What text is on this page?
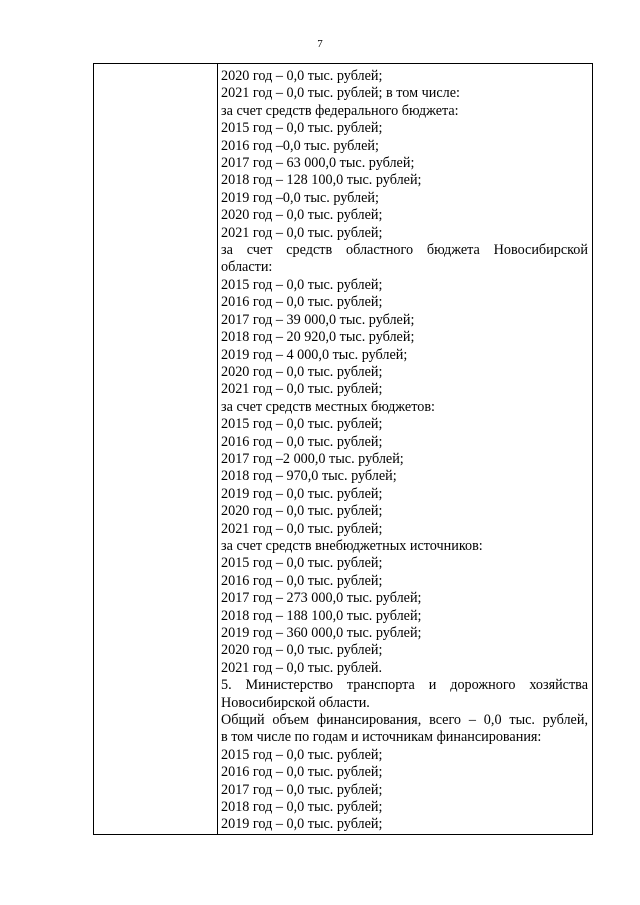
7
2020 год – 0,0 тыс. рублей;
2021 год – 0,0 тыс. рублей; в том числе:
за счет средств федерального бюджета:
2015 год – 0,0 тыс. рублей;
2016 год –0,0 тыс. рублей;
2017 год – 63 000,0 тыс. рублей;
2018 год – 128 100,0 тыс. рублей;
2019 год –0,0 тыс. рублей;
2020 год – 0,0 тыс. рублей;
2021 год – 0,0 тыс. рублей;
за счет средств областного бюджета Новосибирской
области:
2015 год – 0,0 тыс. рублей;
2016 год – 0,0 тыс. рублей;
2017 год – 39 000,0 тыс. рублей;
2018 год – 20 920,0 тыс. рублей;
2019 год – 4 000,0 тыс. рублей;
2020 год – 0,0 тыс. рублей;
2021 год – 0,0 тыс. рублей;
за счет средств местных бюджетов:
2015 год – 0,0 тыс. рублей;
2016 год – 0,0 тыс. рублей;
2017 год –2 000,0 тыс. рублей;
2018 год – 970,0 тыс. рублей;
2019 год – 0,0 тыс. рублей;
2020 год – 0,0 тыс. рублей;
2021 год – 0,0 тыс. рублей;
за счет средств внебюджетных источников:
2015 год – 0,0 тыс. рублей;
2016 год – 0,0 тыс. рублей;
2017 год – 273 000,0 тыс. рублей;
2018 год – 188 100,0 тыс. рублей;
2019 год – 360 000,0 тыс. рублей;
2020 год – 0,0 тыс. рублей;
2021 год – 0,0 тыс. рублей.
5. Министерство транспорта и дорожного хозяйства
Новосибирской области.
Общий объем финансирования, всего – 0,0 тыс. рублей,
в том числе по годам и источникам финансирования:
2015 год – 0,0 тыс. рублей;
2016 год – 0,0 тыс. рублей;
2017 год – 0,0 тыс. рублей;
2018 год – 0,0 тыс. рублей;
2019 год – 0,0 тыс. рублей;
